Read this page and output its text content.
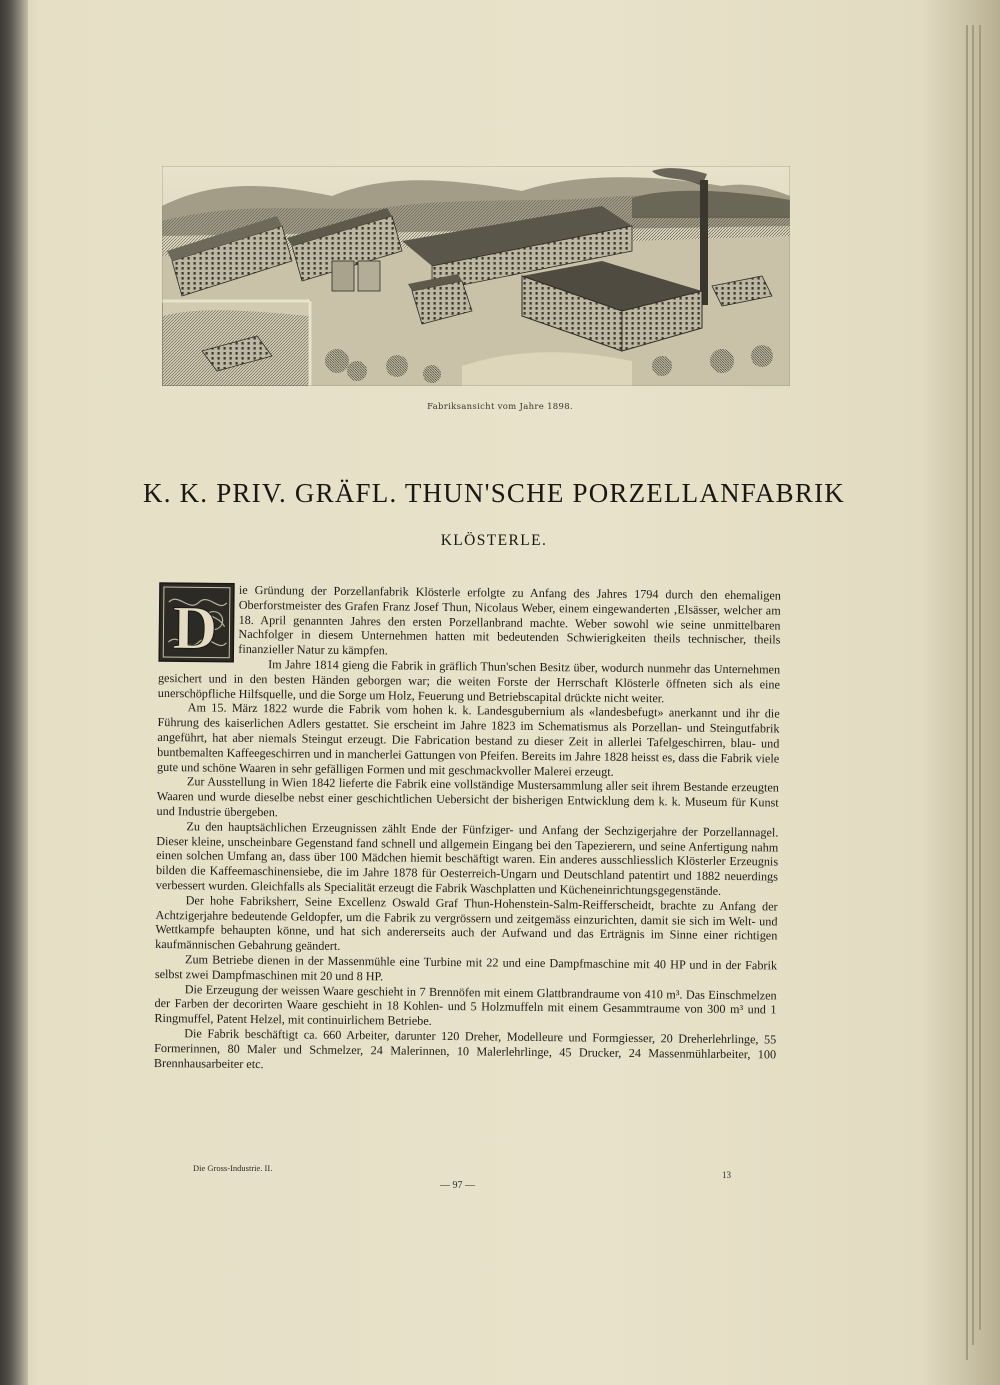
Fabriksansicht vom Jahre 1898.
K. K. PRIV. GRÄFL. THUN'SCHE PORZELLANFABRIK
KLÖSTERLE.
D

ie Gründung der Porzellanfabrik Klösterle erfolgte zu Anfang des Jahres 1794 durch den ehemaligen Oberforstmeister des Grafen Franz Josef Thun, Nicolaus Weber, einem eingewanderten ‚Elsässer, welcher am 18. April genannten Jahres den ersten Porzellanbrand machte. Weber sowohl wie seine unmittelbaren Nachfolger in diesem Unternehmen hatten mit bedeutenden Schwierigkeiten theils technischer, theils finanzieller Natur zu kämpfen.

Im Jahre 1814 gieng die Fabrik in gräflich Thun'schen Besitz über, wodurch nunmehr das Unternehmen gesichert und in den besten Händen geborgen war; die weiten Forste der Herrschaft Klösterle öffneten sich als eine unerschöpfliche Hilfsquelle, und die Sorge um Holz, Feuerung und Betriebscapital drückte nicht weiter.

Am 15. März 1822 wurde die Fabrik vom hohen k. k. Landesgubernium als «landesbefugt» anerkannt und ihr die Führung des kaiserlichen Adlers gestattet. Sie erscheint im Jahre 1823 im Schematismus als Porzellan- und Steingutfabrik angeführt, hat aber niemals Steingut erzeugt. Die Fabrication bestand zu dieser Zeit in allerlei Tafelgeschirren, blau- und buntbemalten Kaffeegeschirren und in mancherlei Gattungen von Pfeifen. Bereits im Jahre 1828 heisst es, dass die Fabrik viele gute und schöne Waaren in sehr gefälligen Formen und mit geschmackvoller Malerei erzeugt.

Zur Ausstellung in Wien 1842 lieferte die Fabrik eine vollständige Mustersammlung aller seit ihrem Bestande erzeugten Waaren und wurde dieselbe nebst einer geschichtlichen Uebersicht der bisherigen Entwicklung dem k. k. Museum für Kunst und Industrie übergeben.

Zu den hauptsächlichen Erzeugnissen zählt Ende der Fünfziger- und Anfang der Sechzigerjahre der Porzellannagel. Dieser kleine, unscheinbare Gegenstand fand schnell und allgemein Eingang bei den Tapezierern, und seine Anfertigung nahm einen solchen Umfang an, dass über 100 Mädchen hiemit beschäftigt waren. Ein anderes ausschliesslich Klösterler Erzeugnis bilden die Kaffeemaschinensiebe, die im Jahre 1878 für Oesterreich-Ungarn und Deutschland patentirt und 1882 neuerdings verbessert wurden. Gleichfalls als Specialität erzeugt die Fabrik Waschplatten und Kücheneinrichtungsgegenstände.

Der hohe Fabriksherr, Seine Excellenz Oswald Graf Thun-Hohenstein-Salm-Reifferscheidt, brachte zu Anfang der Achtzigerjahre bedeutende Geldopfer, um die Fabrik zu vergrössern und zeitgemäss einzurichten, damit sie sich im Welt- und Wettkampfe behaupten könne, und hat sich andererseits auch der Aufwand und das Erträgnis im Sinne einer richtigen kaufmännischen Gebahrung geändert.

Zum Betriebe dienen in der Massenmühle eine Turbine mit 22 und eine Dampfmaschine mit 40 HP und in der Fabrik selbst zwei Dampfmaschinen mit 20 und 8 HP.

Die Erzeugung der weissen Waare geschieht in 7 Brennöfen mit einem Glattbrandraume von 410 m³. Das Einschmelzen der Farben der decorirten Waare geschieht in 18 Kohlen- und 5 Holzmuffeln mit einem Gesammtraume von 300 m³ und 1 Ringmuffel, Patent Helzel, mit continuirlichem Betriebe.

Die Fabrik beschäftigt ca. 660 Arbeiter, darunter 120 Dreher, Modelleure und Formgiesser, 20 Dreherlehrlinge, 55 Formerinnen, 80 Maler und Schmelzer, 24 Malerinnen, 10 Malerlehrlinge, 45 Drucker, 24 Massenmühlarbeiter, 100 Brennhausarbeiter etc.

Die Gross-Industrie. II.
13
— 97 —
